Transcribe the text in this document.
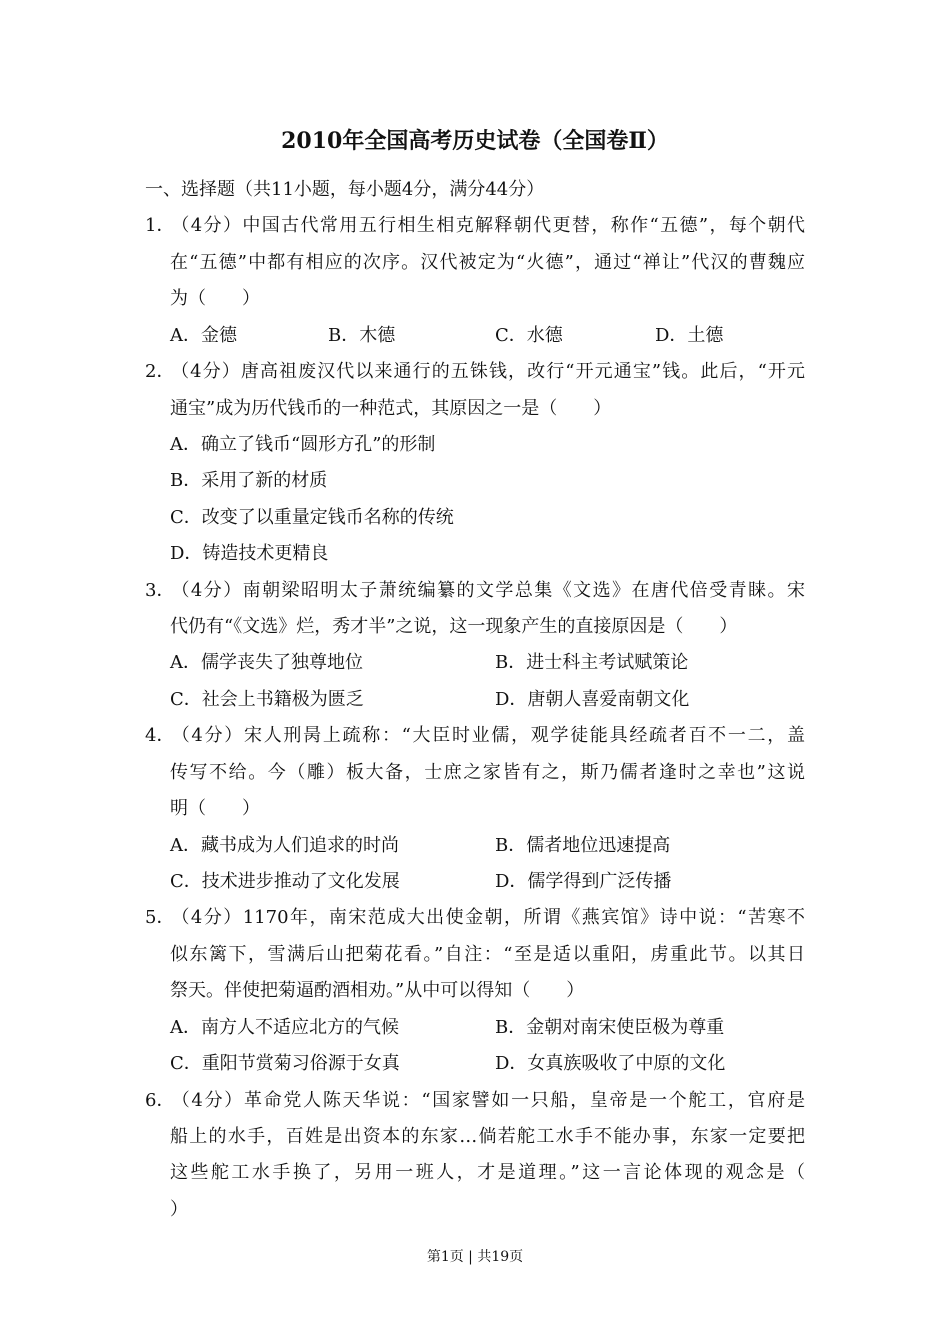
2010年全国高考历史试卷（全国卷Ⅱ）
一、选择题（共11小题，每小题4分，满分44分）
1．（4分）中国古代常用五行相生相克解释朝代更替，称作“五德”，每个朝代
在“五德”中都有相应的次序。汉代被定为“火德”，通过“禅让”代汉的曹魏应
为（　　）
A．金德	B．木德	C．水德	D．土德
2．（4分）唐高祖废汉代以来通行的五铢钱，改行“开元通宝”钱。此后，“开元
通宝”成为历代钱币的一种范式，其原因之一是（　　）
A．确立了钱币“圆形方孔”的形制
B．采用了新的材质
C．改变了以重量定钱币名称的传统
D．铸造技术更精良
3．（4分）南朝梁昭明太子萧统编纂的文学总集《文选》在唐代倍受青睐。宋
代仍有“《文选》烂，秀才半”之说，这一现象产生的直接原因是（　　）
A．儒学丧失了独尊地位	B．进士科主考试赋策论
C．社会上书籍极为匮乏	D．唐朝人喜爱南朝文化
4．（4分）宋人刑昺上疏称：“大臣时业儒，观学徒能具经疏者百不一二，盖
传写不给。今（雕）板大备，士庶之家皆有之，斯乃儒者逢时之幸也”这说
明（　　）
A．藏书成为人们追求的时尚	B．儒者地位迅速提高
C．技术进步推动了文化发展	D．儒学得到广泛传播
5．（4分）1170年，南宋范成大出使金朝，所谓《燕宾馆》诗中说：“苦寒不
似东篱下，雪满后山把菊花看。”自注：“至是适以重阳，虏重此节。以其日
祭天。伴使把菊逼酌酒相劝。”从中可以得知（　　）
A．南方人不适应北方的气候	B．金朝对南宋使臣极为尊重
C．重阳节赏菊习俗源于女真	D．女真族吸收了中原的文化
6．（4分）革命党人陈天华说：“国家譬如一只船，皇帝是一个舵工，官府是
船上的水手，百姓是出资本的东家…倘若舵工水手不能办事，东家一定要把
这些舵工水手换了，另用一班人，才是道理。”这一言论体现的观念是（
）
第1页 | 共19页
